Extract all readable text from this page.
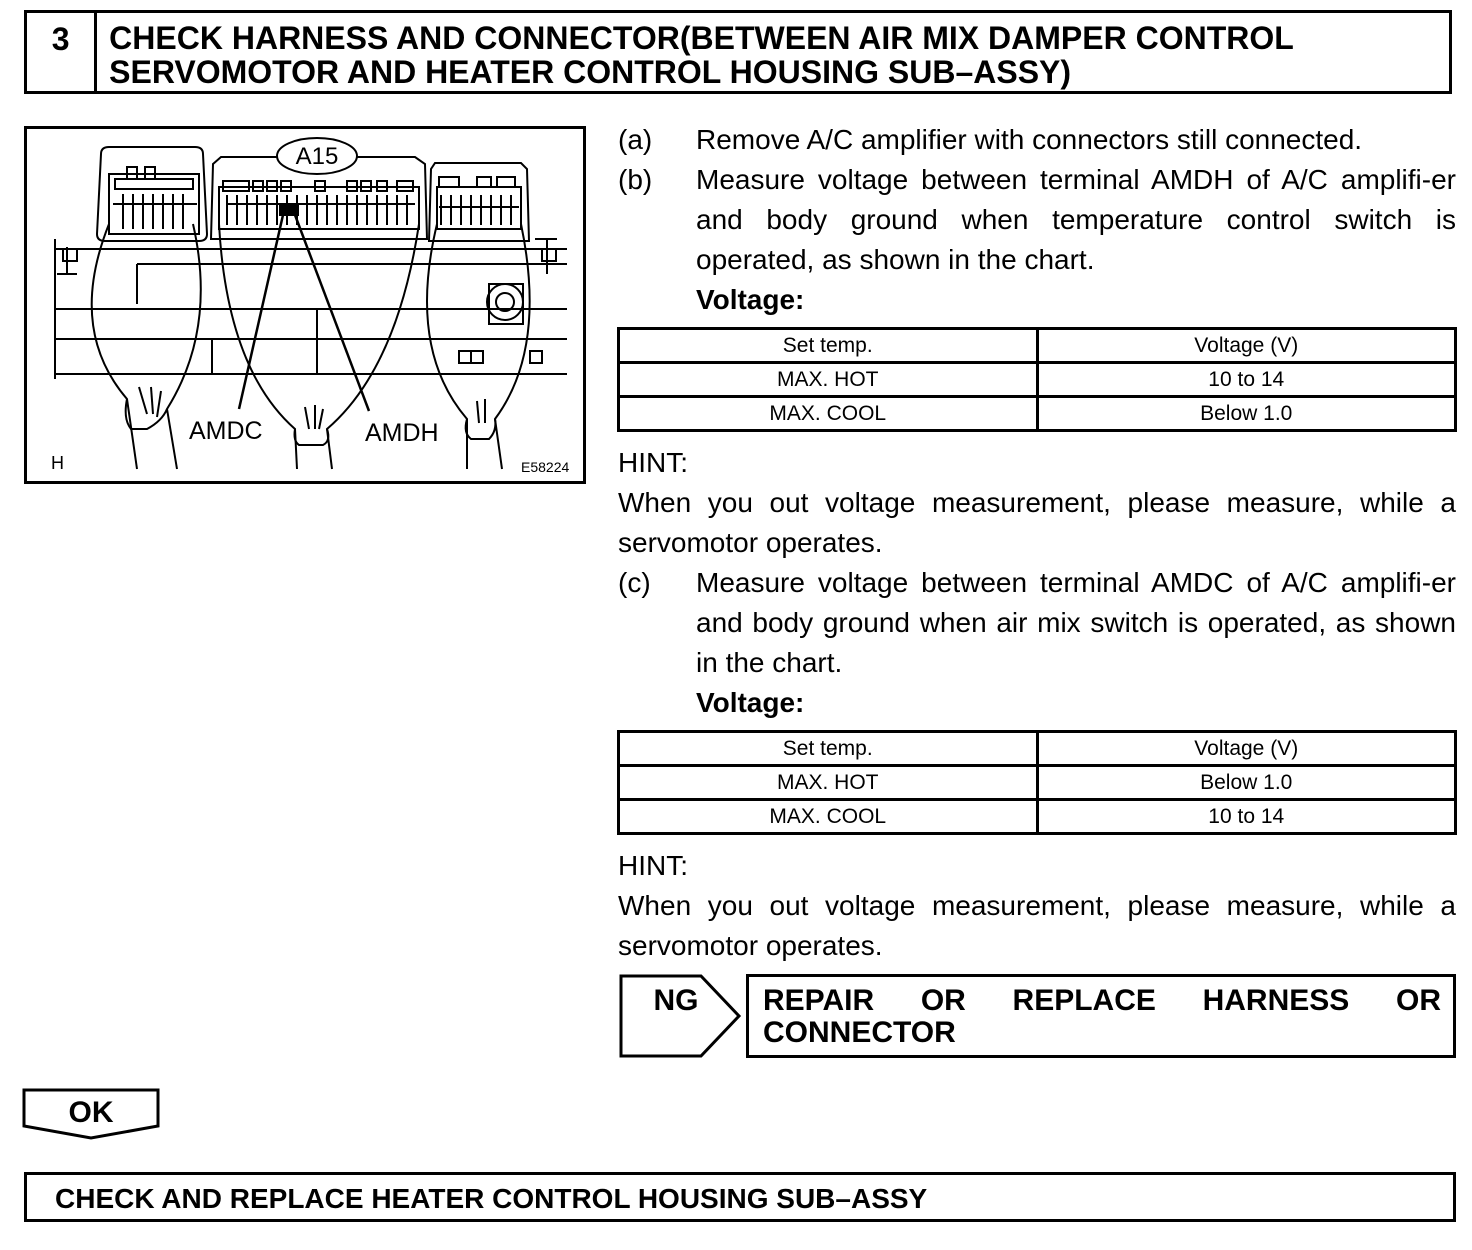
3	CHECK HARNESS AND CONNECTOR(BETWEEN AIR MIX DAMPER CONTROL SERVOMOTOR AND HEATER CONTROL HOUSING SUB–ASSY)
A15
AMDC	AMDH
H	E58224
(a)	Remove A/C amplifier with connectors still connected.
(b)	Measure voltage between terminal AMDH of A/C amplifi-er and body ground when temperature control switch is operated, as shown in the chart.
Voltage:
Set temp.	Voltage (V)
MAX. HOT	10 to 14
MAX. COOL	Below 1.0
HINT:
When you out voltage measurement, please measure, while a servomotor operates.
(c)	Measure voltage between terminal AMDC of A/C amplifi-er and body ground when air mix switch is operated, as shown in the chart.
Voltage:
Set temp.	Voltage (V)
MAX. HOT	Below 1.0
MAX. COOL	10 to 14
HINT:
When you out voltage measurement, please measure, while a servomotor operates.
NG	REPAIR OR REPLACE HARNESS OR CONNECTOR
OK
CHECK AND REPLACE HEATER CONTROL HOUSING SUB–ASSY
